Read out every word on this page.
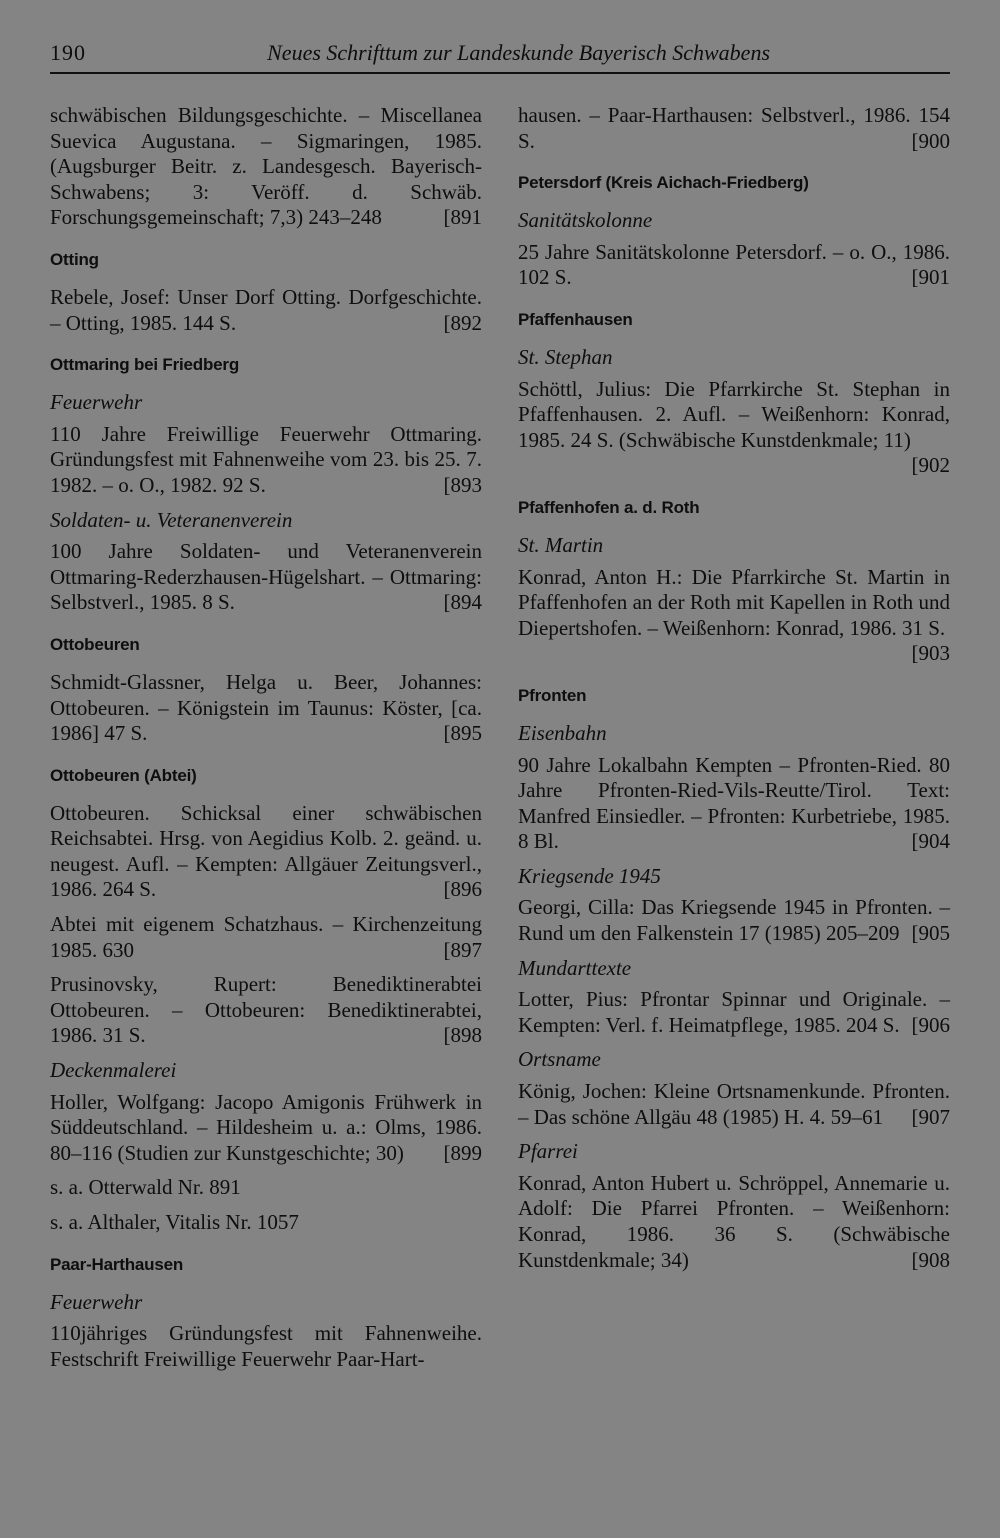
190	Neues Schrifttum zur Landeskunde Bayerisch Schwabens
schwäbischen Bildungsgeschichte. – Miscellanea Suevica Augustana. – Sigmaringen, 1985. (Augsburger Beitr. z. Landesgesch. Bayerisch-Schwabens; 3: Veröff. d. Schwäb. Forschungsgemeinschaft; 7,3) 243–248	[891
Otting
Rebele, Josef: Unser Dorf Otting. Dorfgeschichte. – Otting, 1985. 144 S.	[892
Ottmaring bei Friedberg
Feuerwehr
110 Jahre Freiwillige Feuerwehr Ottmaring. Gründungsfest mit Fahnenweihe vom 23. bis 25. 7. 1982. – o. O., 1982. 92 S.	[893
Soldaten- u. Veteranenverein
100 Jahre Soldaten- und Veteranenverein Ottmaring-Rederzhausen-Hügelshart. – Ottmaring: Selbstverl., 1985. 8 S.	[894
Ottobeuren
Schmidt-Glassner, Helga u. Beer, Johannes: Ottobeuren. – Königstein im Taunus: Köster, [ca. 1986] 47 S.	[895
Ottobeuren (Abtei)
Ottobeuren. Schicksal einer schwäbischen Reichsabtei. Hrsg. von Aegidius Kolb. 2. geänd. u. neugest. Aufl. – Kempten: Allgäuer Zeitungsverl., 1986. 264 S.	[896
Abtei mit eigenem Schatzhaus. – Kirchenzeitung 1985. 630	[897
Prusinovsky, Rupert: Benediktinerabtei Ottobeuren. – Ottobeuren: Benediktinerabtei, 1986. 31 S.	[898
Deckenmalerei
Holler, Wolfgang: Jacopo Amigonis Frühwerk in Süddeutschland. – Hildesheim u. a.: Olms, 1986. 80–116 (Studien zur Kunstgeschichte; 30) [899
s. a. Otterwald Nr. 891
s. a. Althaler, Vitalis Nr. 1057
Paar-Harthausen
Feuerwehr
110jähriges Gründungsfest mit Fahnenweihe. Festschrift Freiwillige Feuerwehr Paar-Hart-
hausen. – Paar-Harthausen: Selbstverl., 1986. 154 S.	[900
Petersdorf (Kreis Aichach-Friedberg)
Sanitätskolonne
25 Jahre Sanitätskolonne Petersdorf. – o. O., 1986. 102 S.	[901
Pfaffenhausen
St. Stephan
Schöttl, Julius: Die Pfarrkirche St. Stephan in Pfaffenhausen. 2. Aufl. – Weißenhorn: Konrad, 1985. 24 S. (Schwäbische Kunstdenkmale; 11)
[902
Pfaffenhofen a. d. Roth
St. Martin
Konrad, Anton H.: Die Pfarrkirche St. Martin in Pfaffenhofen an der Roth mit Kapellen in Roth und Diepertshofen. – Weißenhorn: Konrad, 1986. 31 S.
[903
Pfronten
Eisenbahn
90 Jahre Lokalbahn Kempten – Pfronten-Ried. 80 Jahre Pfronten-Ried-Vils-Reutte/Tirol. Text: Manfred Einsiedler. – Pfronten: Kurbetriebe, 1985. 8 Bl.	[904
Kriegsende 1945
Georgi, Cilla: Das Kriegsende 1945 in Pfronten. – Rund um den Falkenstein 17 (1985) 205–209 [905
Mundarttexte
Lotter, Pius: Pfrontar Spinnar und Originale. – Kempten: Verl. f. Heimatpflege, 1985. 204 S. [906
Ortsname
König, Jochen: Kleine Ortsnamenkunde. Pfronten. – Das schöne Allgäu 48 (1985) H. 4. 59–61 [907
Pfarrei
Konrad, Anton Hubert u. Schröppel, Annemarie u. Adolf: Die Pfarrei Pfronten. – Weißenhorn: Konrad, 1986. 36 S. (Schwäbische Kunstdenkmale; 34)	[908
